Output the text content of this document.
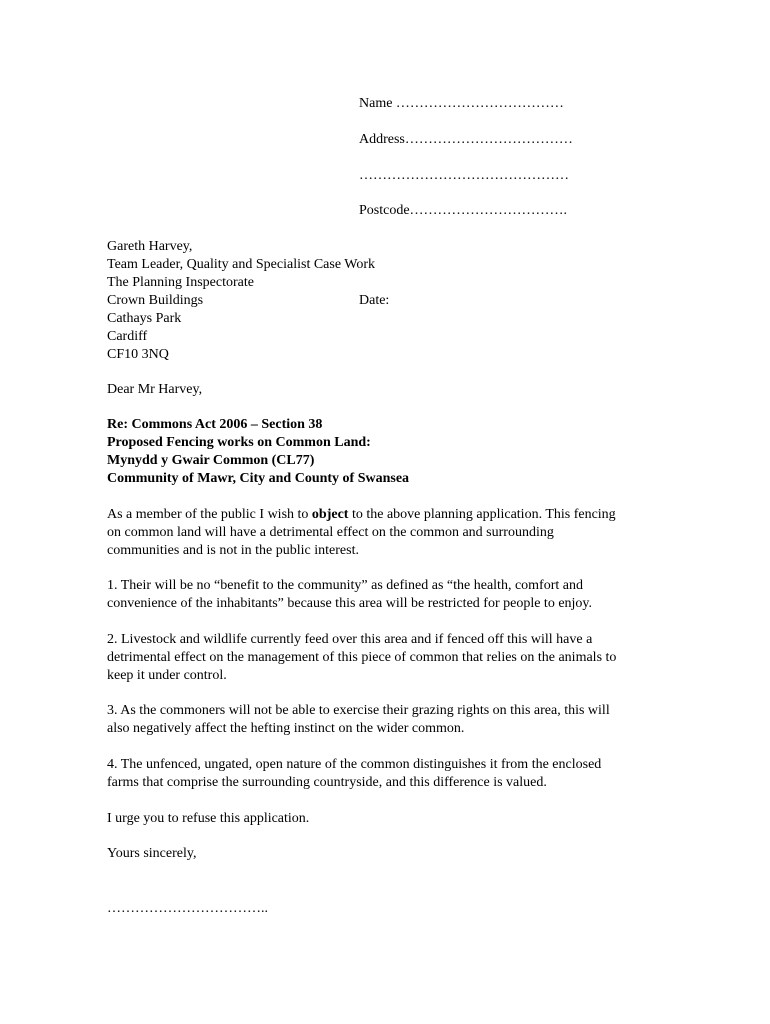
Name ………………………………
Address………………………………
………………………………………
Postcode…………………………….
Gareth Harvey,
Team Leader, Quality and Specialist Case Work
The Planning Inspectorate
Crown Buildings	Date:
Cathays Park
Cardiff
CF10 3NQ
Dear Mr Harvey,
Re: Commons Act 2006 – Section 38
Proposed Fencing works on Common Land:
Mynydd y Gwair Common (CL77)
Community of Mawr, City and County of Swansea
As a member of the public I wish to object to the above planning application. This fencing
on common land will have a detrimental effect on the common and surrounding
communities and is not in the public interest.
1. Their will be no “benefit to the community” as defined as “the health, comfort and
convenience of the inhabitants” because this area will be restricted for people to enjoy.
2. Livestock and wildlife currently feed over this area and if fenced off this will have a
detrimental effect on the management of this piece of common that relies on the animals to
keep it under control.
3. As the commoners will not be able to exercise their grazing rights on this area, this will
also negatively affect the hefting instinct on the wider common.
4. The unfenced, ungated, open nature of the common distinguishes it from the enclosed
farms that comprise the surrounding countryside, and this difference is valued.
I urge you to refuse this application.
Yours sincerely,
……………………………..
